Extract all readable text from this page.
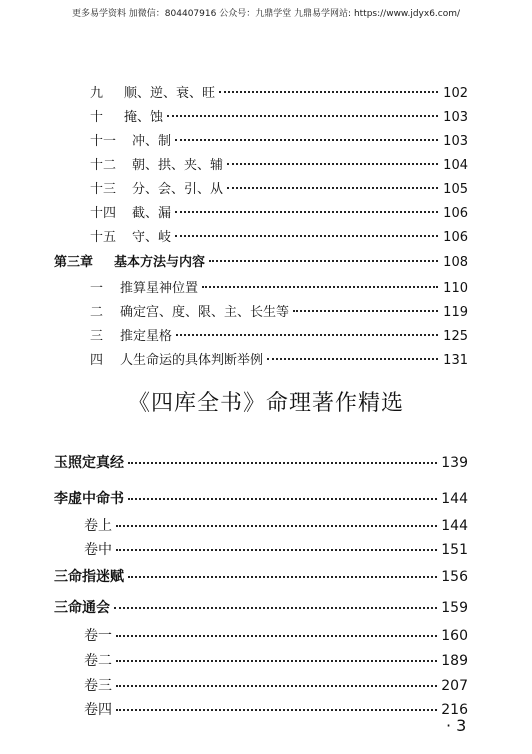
更多易学资料 加微信：804407916 公众号：九鼎学堂 九鼎易学网站: https://www.jdyx6.com/
九	顺、逆、衰、旺	102
十	掩、蚀	103
十一	冲、制	103
十二	朝、拱、夹、辅	104
十三	分、会、引、从	105
十四	截、漏	106
十五	守、岐	106
第三章	基本方法与内容	108
一	推算星神位置	110
二	确定宫、度、限、主、长生等	119
三	推定星格	125
四	人生命运的具体判断举例	131
《四库全书》命理著作精选
玉照定真经	139
李虚中命书	144
卷上	144
卷中	151
三命指迷赋	156
三命通会	159
卷一	160
卷二	189
卷三	207
卷四	216
· 3
